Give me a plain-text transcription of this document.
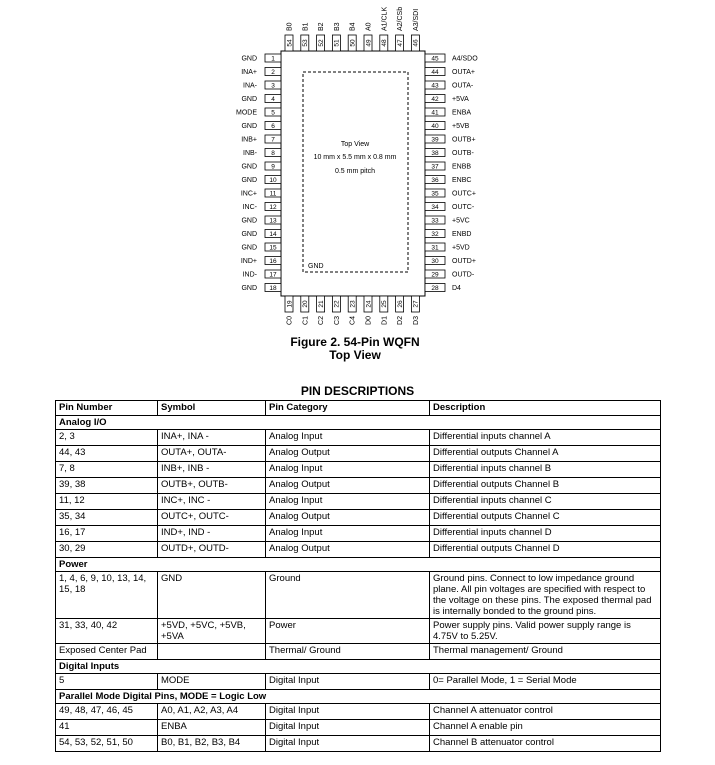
Top View
10 mm x 5.5 mm x 0.8 mm
0.5 mm pitch
GND
1
GND
2
INA+
3
INA-
4
GND
5
MODE
6
GND
7
INB+
8
INB-
9
GND
10
GND
11
INC+
12
INC-
13
GND
14
GND
15
GND
16
IND+
17
IND-
18
GND
45 A4/SDO
44 OUTA+
43 OUTA-
42 +5VA
41 ENBA
40 +5VB
39 OUTB+
38 OUTB-
37 ENBB
36 ENBC
35 OUTC+
34 OUTC-
33 +5VC
32 ENBD
31 +5VD
30 OUTD+
29 OUTD-
28 D4
54
B0
53
B1
52
B2
51
B3
50
B4
49
A0
48
A1/CLK
47
A2/CSb
46
A3/SDI
19
C0
20
C1
21
C2
22
C3
23
C4
24
D0
25
D1
26
D2
27
D3
Figure 2. 54-Pin WQFN
Top View
PIN DESCRIPTIONS
Pin Number	Symbol	Pin Category	Description
Analog I/O			
2, 3	INA+, INA -	Analog Input	Differential inputs channel A
44, 43	OUTA+, OUTA-	Analog Output	Differential outputs Channel A
7, 8	INB+, INB -	Analog Input	Differential inputs channel B
39, 38	OUTB+, OUTB-	Analog Output	Differential outputs Channel B
11, 12	INC+, INC -	Analog Input	Differential inputs channel C
35, 34	OUTC+, OUTC-	Analog Output	Differential outputs Channel C
16, 17	IND+, IND -	Analog Input	Differential inputs channel D
30, 29	OUTD+, OUTD-	Analog Output	Differential outputs Channel D
Power			
1, 4, 6, 9, 10, 13, 14, 15, 18	GND	Ground	Ground pins. Connect to low impedance ground plane. All pin voltages are specified with respect to the voltage on these pins. The exposed thermal pad is internally bonded to the ground pins.
31, 33, 40, 42	+5VD, +5VC, +5VB, +5VA	Power	Power supply pins. Valid power supply range is 4.75V to 5.25V.
Exposed Center Pad		Thermal/ Ground	Thermal management/ Ground
Digital Inputs			
5	MODE	Digital Input	0= Parallel Mode, 1 = Serial Mode
Parallel Mode Digital Pins, MODE = Logic Low			
49, 48, 47, 46, 45	A0, A1, A2, A3, A4	Digital Input	Channel A attenuator control
41	ENBA	Digital Input	Channel A enable pin
54, 53, 52, 51, 50	B0, B1, B2, B3, B4	Digital Input	Channel B attenuator control
